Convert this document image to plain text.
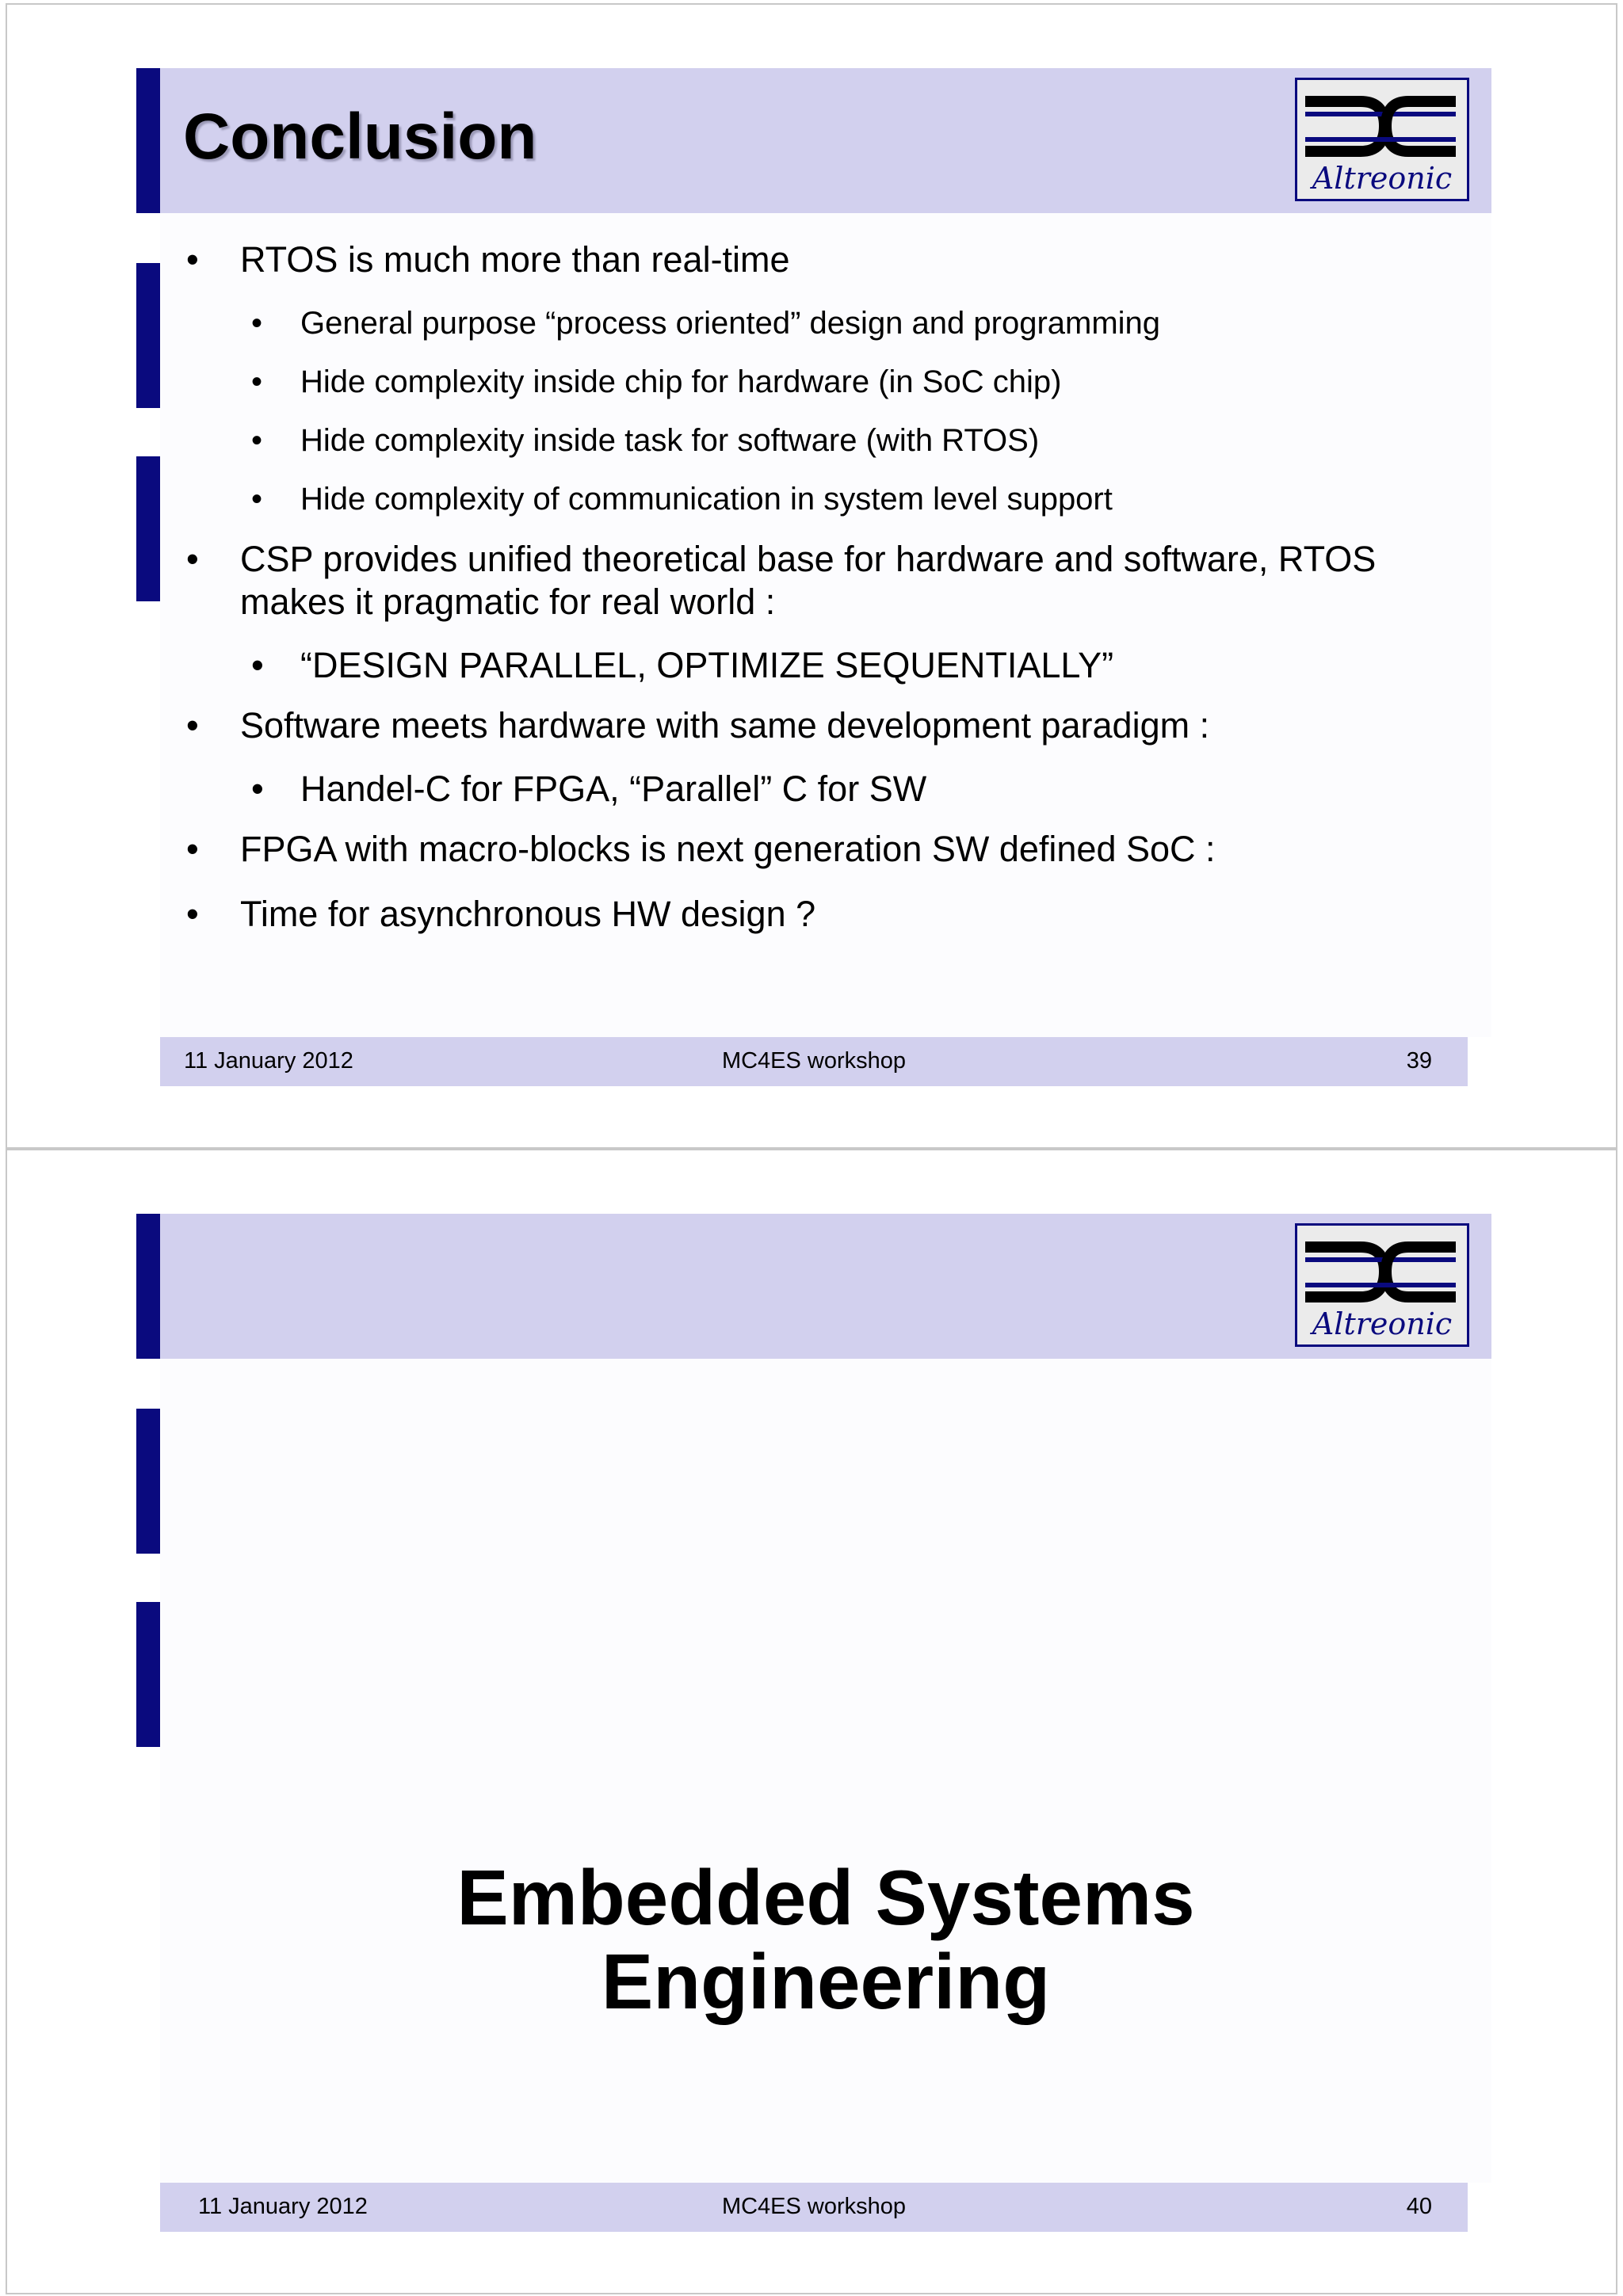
Conclusion
Altreonic
• RTOS is much more than real-time
• General purpose “process oriented” design and programming
• Hide complexity inside chip for hardware (in SoC chip)
• Hide complexity inside task for software (with RTOS)
• Hide complexity of communication in system level support
• CSP provides unified theoretical base for hardware and software, RTOS makes it pragmatic for real world :
• “DESIGN PARALLEL, OPTIMIZE SEQUENTIALLY”
• Software meets hardware with same development paradigm :
• Handel-C for FPGA, “Parallel” C for SW
• FPGA with macro-blocks is next generation SW defined SoC :
• Time for asynchronous HW design ?
11 January 2012	MC4ES workshop	39
Altreonic
Embedded Systems
Engineering
11 January 2012	MC4ES workshop	40
